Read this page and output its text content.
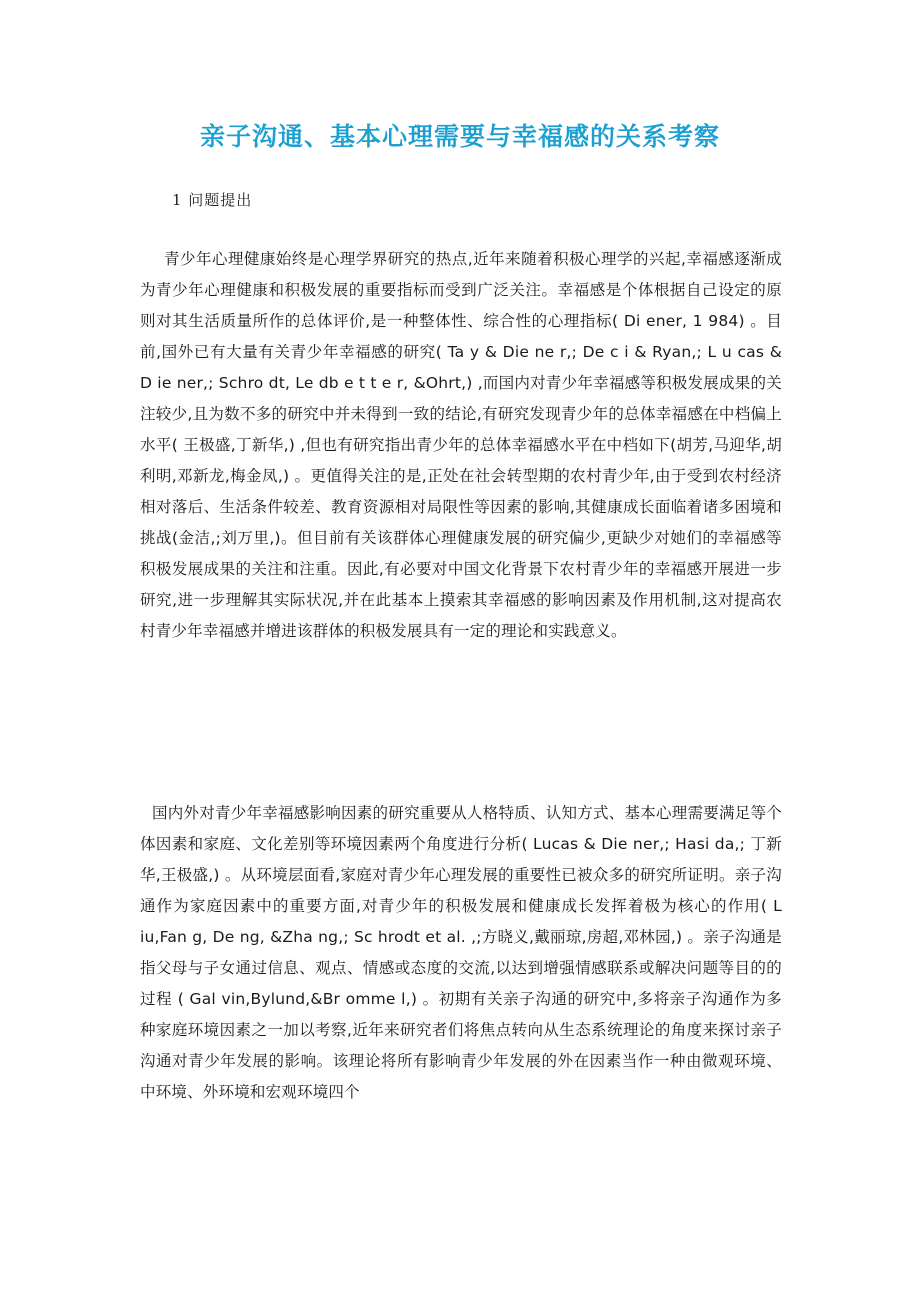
亲子沟通、基本心理需要与幸福感的关系考察
1 问题提出
青少年心理健康始终是心理学界研究的热点,近年来随着积极心理学的兴起,幸福感逐渐成为青少年心理健康和积极发展的重要指标而受到广泛关注。幸福感是个体根据自己设定的原则对其生活质量所作的总体评价,是一种整体性、综合性的心理指标( Di ener, 1 984) 。目前,国外已有大量有关青少年幸福感的研究( Ta y & Die ne r,; De c i & Ryan,; L u cas & D ie ner,; Schro dt, Le db e t t e r, &Ohrt,) ,而国内对青少年幸福感等积极发展成果的关注较少,且为数不多的研究中并未得到一致的结论,有研究发现青少年的总体幸福感在中档偏上水平( 王极盛,丁新华,) ,但也有研究指出青少年的总体幸福感水平在中档如下(胡芳,马迎华,胡利明,邓新龙,梅金凤,) 。更值得关注的是,正处在社会转型期的农村青少年,由于受到农村经济相对落后、生活条件较差、教育资源相对局限性等因素的影响,其健康成长面临着诸多困境和挑战(金洁,;刘万里,)。但目前有关该群体心理健康发展的研究偏少,更缺少对她们的幸福感等积极发展成果的关注和注重。因此,有必要对中国文化背景下农村青少年的幸福感开展进一步研究,进一步理解其实际状况,并在此基本上摸索其幸福感的影响因素及作用机制,这对提高农村青少年幸福感并增进该群体的积极发展具有一定的理论和实践意义。
国内外对青少年幸福感影响因素的研究重要从人格特质、认知方式、基本心理需要满足等个体因素和家庭、文化差别等环境因素两个角度进行分析( Lucas & Die ner,; Hasi da,; 丁新华,王极盛,) 。从环境层面看,家庭对青少年心理发展的重要性已被众多的研究所证明。亲子沟通作为家庭因素中的重要方面,对青少年的积极发展和健康成长发挥着极为核心的作用( L iu,Fan g, De ng, &Zha ng,; Sc hrodt et al. ,;方晓义,戴丽琼,房超,邓林园,) 。亲子沟通是指父母与子女通过信息、观点、情感或态度的交流,以达到增强情感联系或解决问题等目的的过程 ( Gal vin,Bylund,&Br omme l,) 。初期有关亲子沟通的研究中,多将亲子沟通作为多种家庭环境因素之一加以考察,近年来研究者们将焦点转向从生态系统理论的角度来探讨亲子沟通对青少年发展的影响。该理论将所有影响青少年发展的外在因素当作一种由微观环境、中环境、外环境和宏观环境四个
